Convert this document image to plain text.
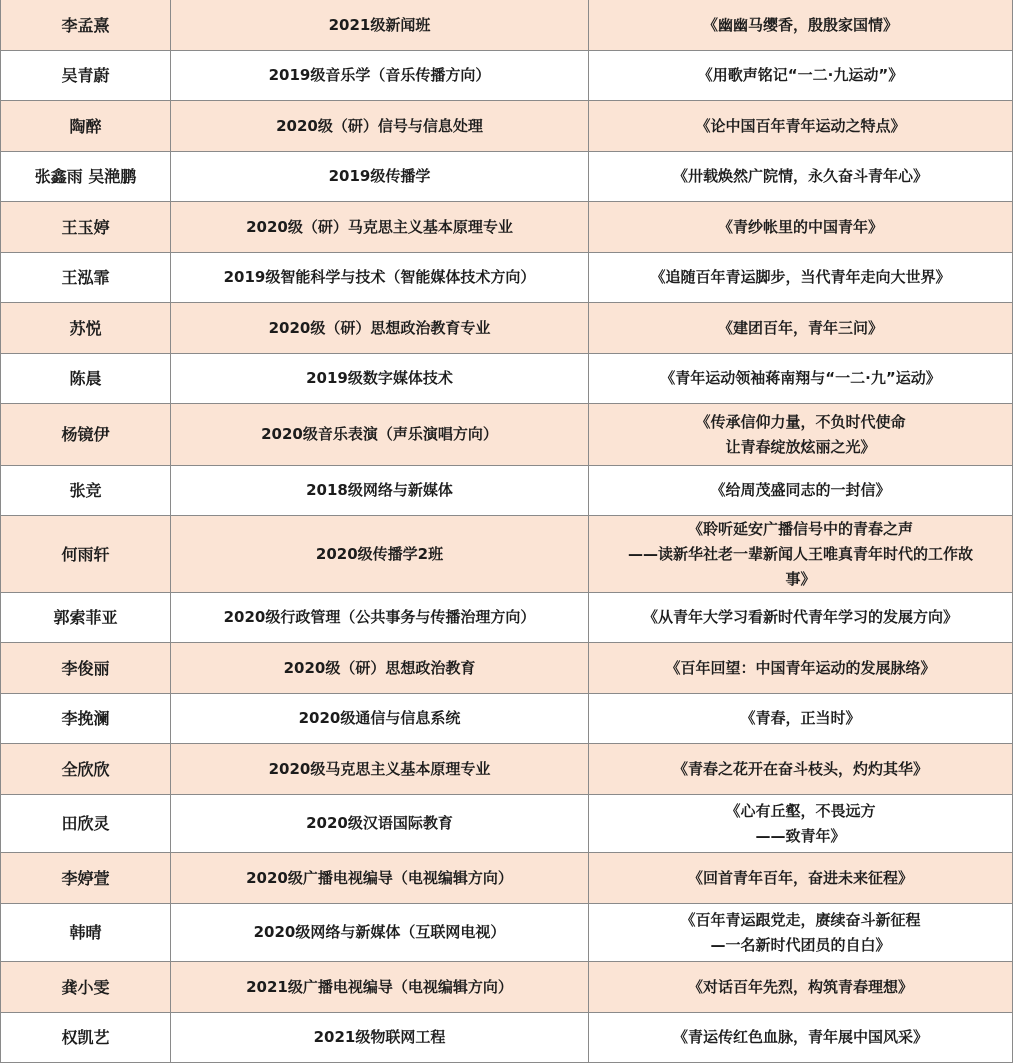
李孟熹	2021级新闻班	《幽幽马缨香，殷殷家国情》

吴青蔚	2019级音乐学（音乐传播方向）	《用歌声铭记“一二·九运动”》

陶醉	2020级（研）信号与信息处理	《论中国百年青年运动之特点》

张鑫雨 吴滟鹏	2019级传播学	《卅载焕然广院情，永久奋斗青年心》

王玉婷	2020级（研）马克思主义基本原理专业	《青纱帐里的中国青年》

王泓霏	2019级智能科学与技术（智能媒体技术方向）	《追随百年青运脚步，当代青年走向大世界》

苏悦	2020级（研）思想政治教育专业	《建团百年，青年三问》

陈晨	2019级数字媒体技术	《青年运动领袖蒋南翔与“一二·九”运动》

杨镜伊	2020级音乐表演（声乐演唱方向）	《传承信仰力量，不负时代使命
让青春绽放炫丽之光》

张竞	2018级网络与新媒体	《给周茂盛同志的一封信》

何雨轩	2020级传播学2班	《聆听延安广播信号中的青春之声
——读新华社老一辈新闻人王唯真青年时代的工作故
事》

郭索菲亚	2020级行政管理（公共事务与传播治理方向）	《从青年大学习看新时代青年学习的发展方向》

李俊丽	2020级（研）思想政治教育	《百年回望：中国青年运动的发展脉络》

李挽澜	2020级通信与信息系统	《青春，正当时》

全欣欣	2020级马克思主义基本原理专业	《青春之花开在奋斗枝头，灼灼其华》

田欣灵	2020级汉语国际教育	《心有丘壑，不畏远方
——致青年》

李婷萱	2020级广播电视编导（电视编辑方向）	《回首青年百年，奋进未来征程》

韩晴	2020级网络与新媒体（互联网电视）	《百年青运跟党走，赓续奋斗新征程
—一名新时代团员的自白》

龚小雯	2021级广播电视编导（电视编辑方向）	《对话百年先烈，构筑青春理想》

权凯艺	2021级物联网工程	《青运传红色血脉，青年展中国风采》
